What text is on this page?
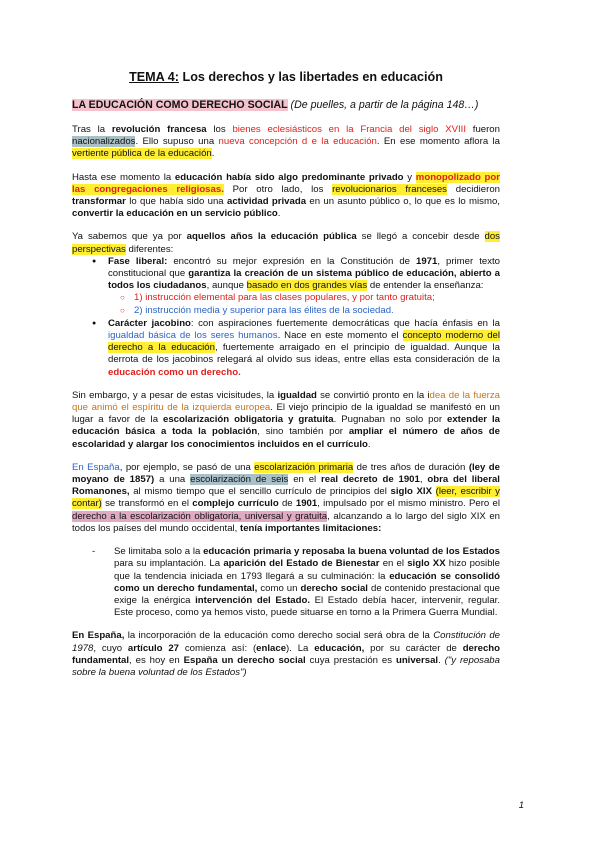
TEMA 4: Los derechos y las libertades en educación
LA EDUCACIÓN COMO DERECHO SOCIAL (De puelles, a partir de la página 148…)

Tras la revolución francesa los bienes eclesiásticos en la Francia del siglo XVIII fueron nacionalizados. Ello supuso una nueva concepción d e la educación. En ese momento aflora la vertiente pública de la educación.

Hasta ese momento la educación había sido algo predominante privado y monopolizado por las congregaciones religiosas. Por otro lado, los revolucionarios franceses decidieron transformar lo que había sido una actividad privada en un asunto público o, lo que es lo mismo, convertir la educación en un servicio público.

Ya sabemos que ya por aquellos años la educación pública se llegó a concebir desde dos perspectivas diferentes:

● Fase liberal: encontró su mejor expresión en la Constitución de 1971, primer texto constitucional que garantiza la creación de un sistema público de educación, abierto a todos los ciudadanos, aunque basado en dos grandes vías de entender la enseñanza:
○ 1) instrucción elemental para las clases populares, y por tanto gratuita;
○ 2) instrucción media y superior para las élites de la sociedad.
● Carácter jacobino: con aspiraciones fuertemente democráticas que hacía énfasis en la igualdad básica de los seres humanos. Nace en este momento el concepto moderno del derecho a la educación, fuertemente arraigado en el principio de igualdad. Aunque la derrota de los jacobinos relegará al olvido sus ideas, entre ellas esta consideración de la educación como un derecho.

Sin embargo, y a pesar de estas vicisitudes, la igualdad se convirtió pronto en la idea de la fuerza que animó el espíritu de la izquierda europea. El viejo principio de la igualdad se manifestó en un lugar a favor de la escolarización obligatoria y gratuita. Pugnaban no solo por extender la educación básica a toda la población, sino también por ampliar el número de años de escolaridad y alargar los conocimientos incluidos en el currículo.

En España, por ejemplo, se pasó de una escolarización primaria de tres años de duración (ley de moyano de 1857) a una escolarización de seis en el real decreto de 1901, obra del liberal Romanones, al mismo tiempo que el sencillo currículo de principios del siglo XIX (leer, escribir y contar) se transformó en el complejo currículo de 1901, impulsado por el mismo ministro. Pero el derecho a la escolarización obligatoria, universal y gratuita, alcanzando a lo largo del siglo XIX en todos los países del mundo occidental, tenía importantes limitaciones:

- Se limitaba solo a la educación primaria y reposaba la buena voluntad de los Estados para su implantación. La aparición del Estado de Bienestar en el siglo XX hizo posible que la tendencia iniciada en 1793 llegará a su culminación: la educación se consolidó como un derecho fundamental, como un derecho social de contenido prestacional que exige la enérgica intervención del Estado. El Estado debía hacer, intervenir, regular. Este proceso, como ya hemos visto, puede situarse en torno a la Primera Guerra Mundial.

En España, la incorporación de la educación como derecho social será obra de la Constitución de 1978, cuyo artículo 27 comienza así: (enlace). La educación, por su carácter de derecho fundamental, es hoy en España un derecho social cuya prestación es universal. ("y reposaba sobre la buena voluntad de los Estados")

1
